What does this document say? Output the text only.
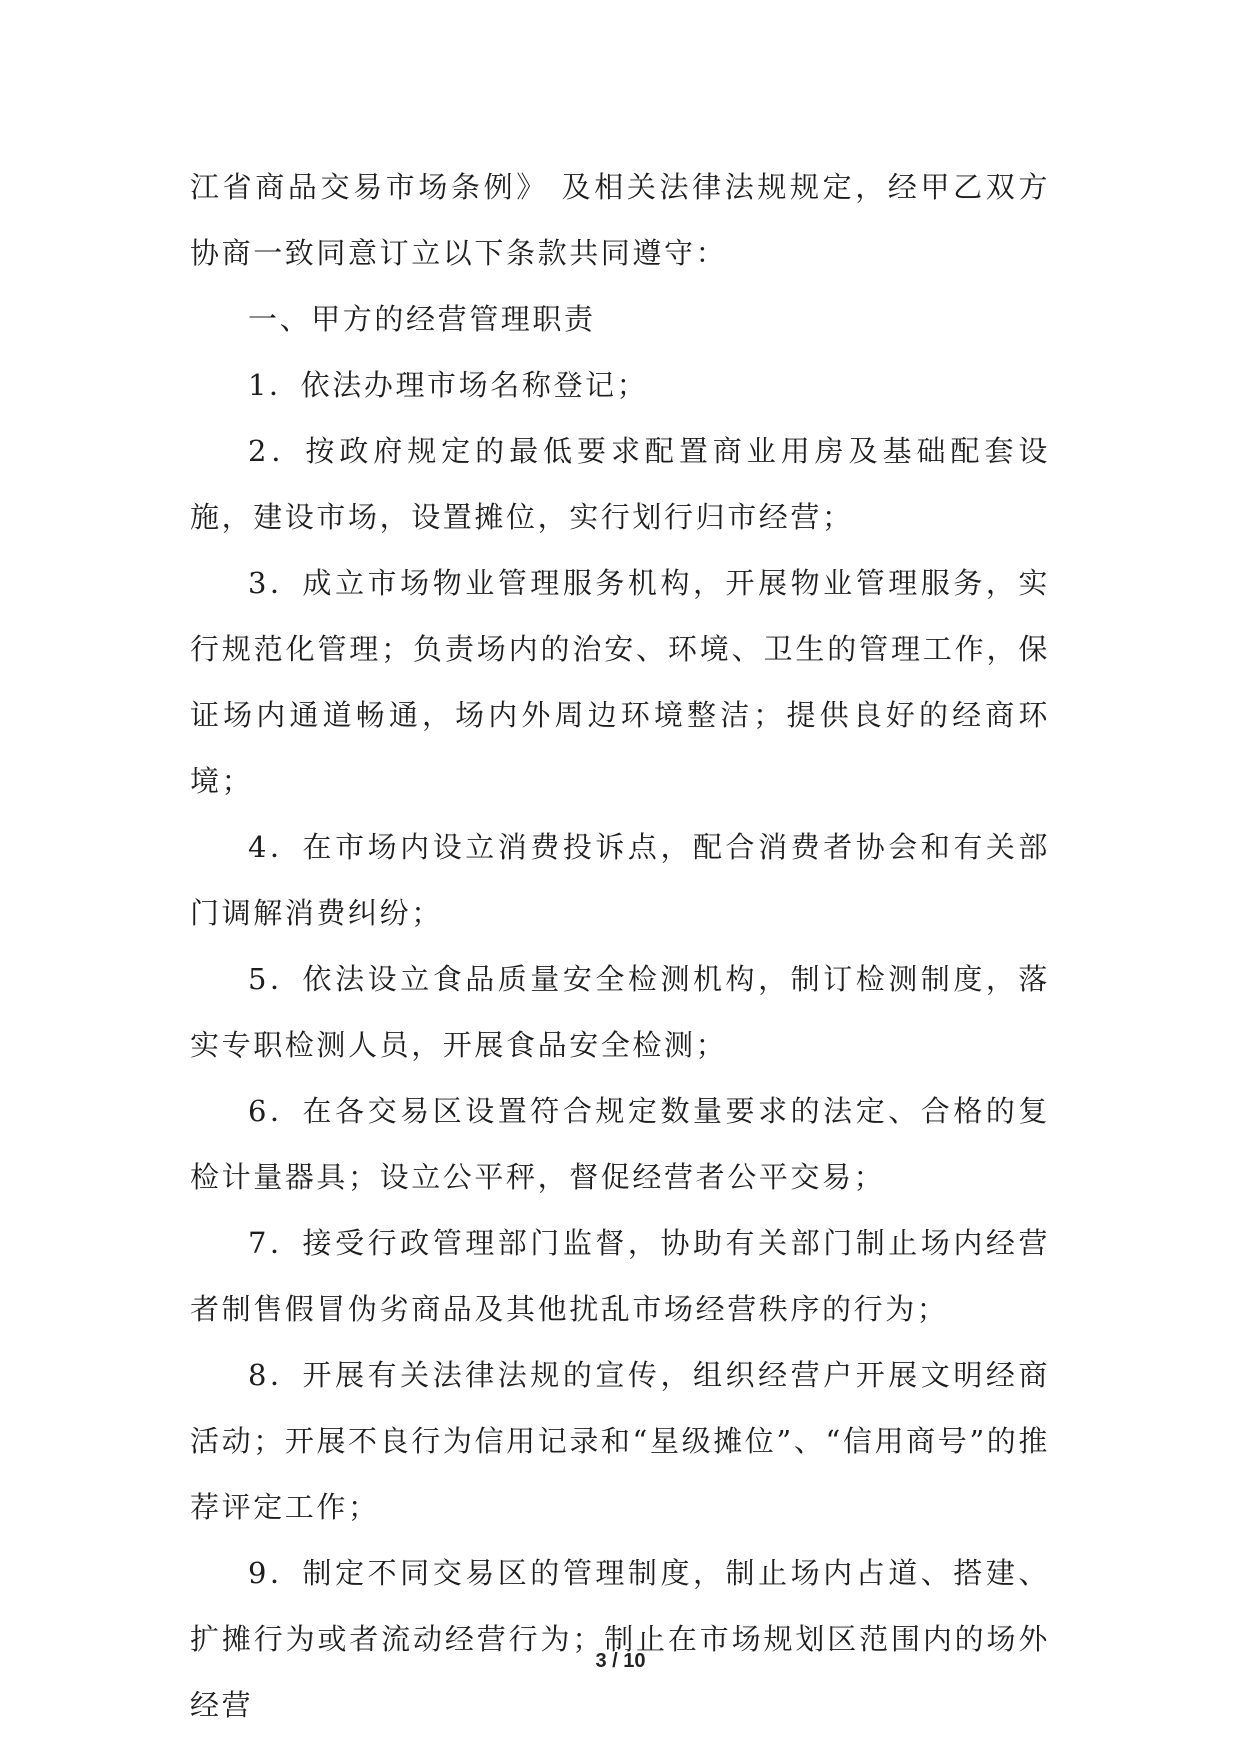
江省商品交易市场条例》 及相关法律法规规定，经甲乙双方协商一致同意订立以下条款共同遵守：

一、甲方的经营管理职责

1．依法办理市场名称登记；

2．按政府规定的最低要求配置商业用房及基础配套设施，建设市场，设置摊位，实行划行归市经营；

3．成立市场物业管理服务机构，开展物业管理服务，实行规范化管理；负责场内的治安、环境、卫生的管理工作，保证场内通道畅通，场内外周边环境整洁；提供良好的经商环境；

4．在市场内设立消费投诉点，配合消费者协会和有关部门调解消费纠纷；

5．依法设立食品质量安全检测机构，制订检测制度，落实专职检测人员，开展食品安全检测；

6．在各交易区设置符合规定数量要求的法定、合格的复检计量器具；设立公平秤，督促经营者公平交易；

7．接受行政管理部门监督，协助有关部门制止场内经营者制售假冒伪劣商品及其他扰乱市场经营秩序的行为；

8．开展有关法律法规的宣传，组织经营户开展文明经商活动；开展不良行为信用记录和“星级摊位”、“信用商号”的推荐评定工作；

9．制定不同交易区的管理制度，制止场内占道、搭建、扩摊行为或者流动经营行为；制止在市场规划区范围内的场外经营

3 / 10
